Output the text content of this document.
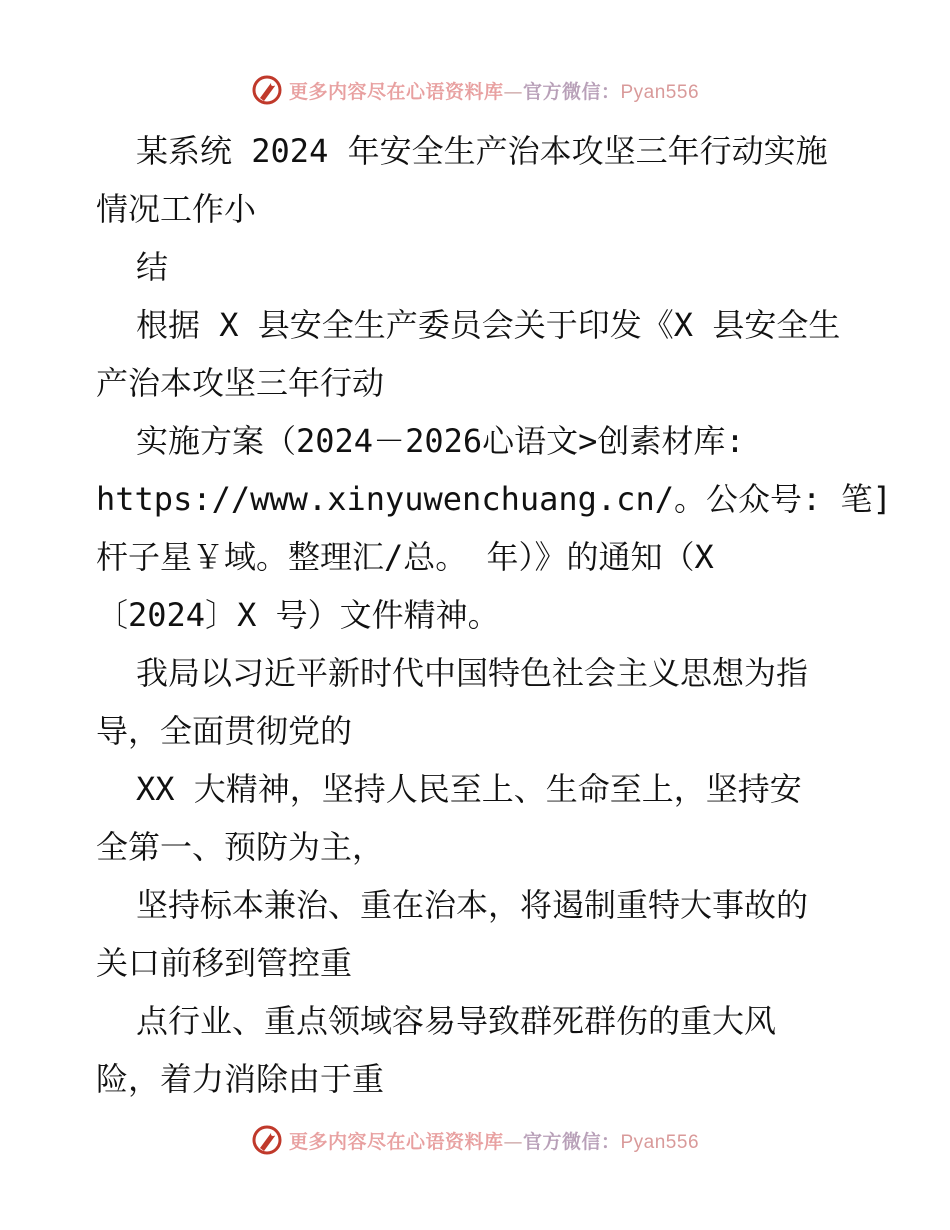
更多内容尽在心语资料库—官方微信：Pyan556
某系统 2024 年安全生产治本攻坚三年行动实施
情况工作小
结
根据 X 县安全生产委员会关于印发《X 县安全生
产治本攻坚三年行动
实施方案（2024－2026心语文>创素材库:
https://www.xinyuwenchuang.cn/。公众号: 笔]
杆子星￥域。整理汇/总。 年）》的通知（X
〔2024〕X 号）文件精神。
我局以习近平新时代中国特色社会主义思想为指
导，全面贯彻党的
XX 大精神，坚持人民至上、生命至上，坚持安
全第一、预防为主，
坚持标本兼治、重在治本，将遏制重特大事故的
关口前移到管控重
点行业、重点领域容易导致群死群伤的重大风
险，着力消除由于重
更多内容尽在心语资料库—官方微信：Pyan556
